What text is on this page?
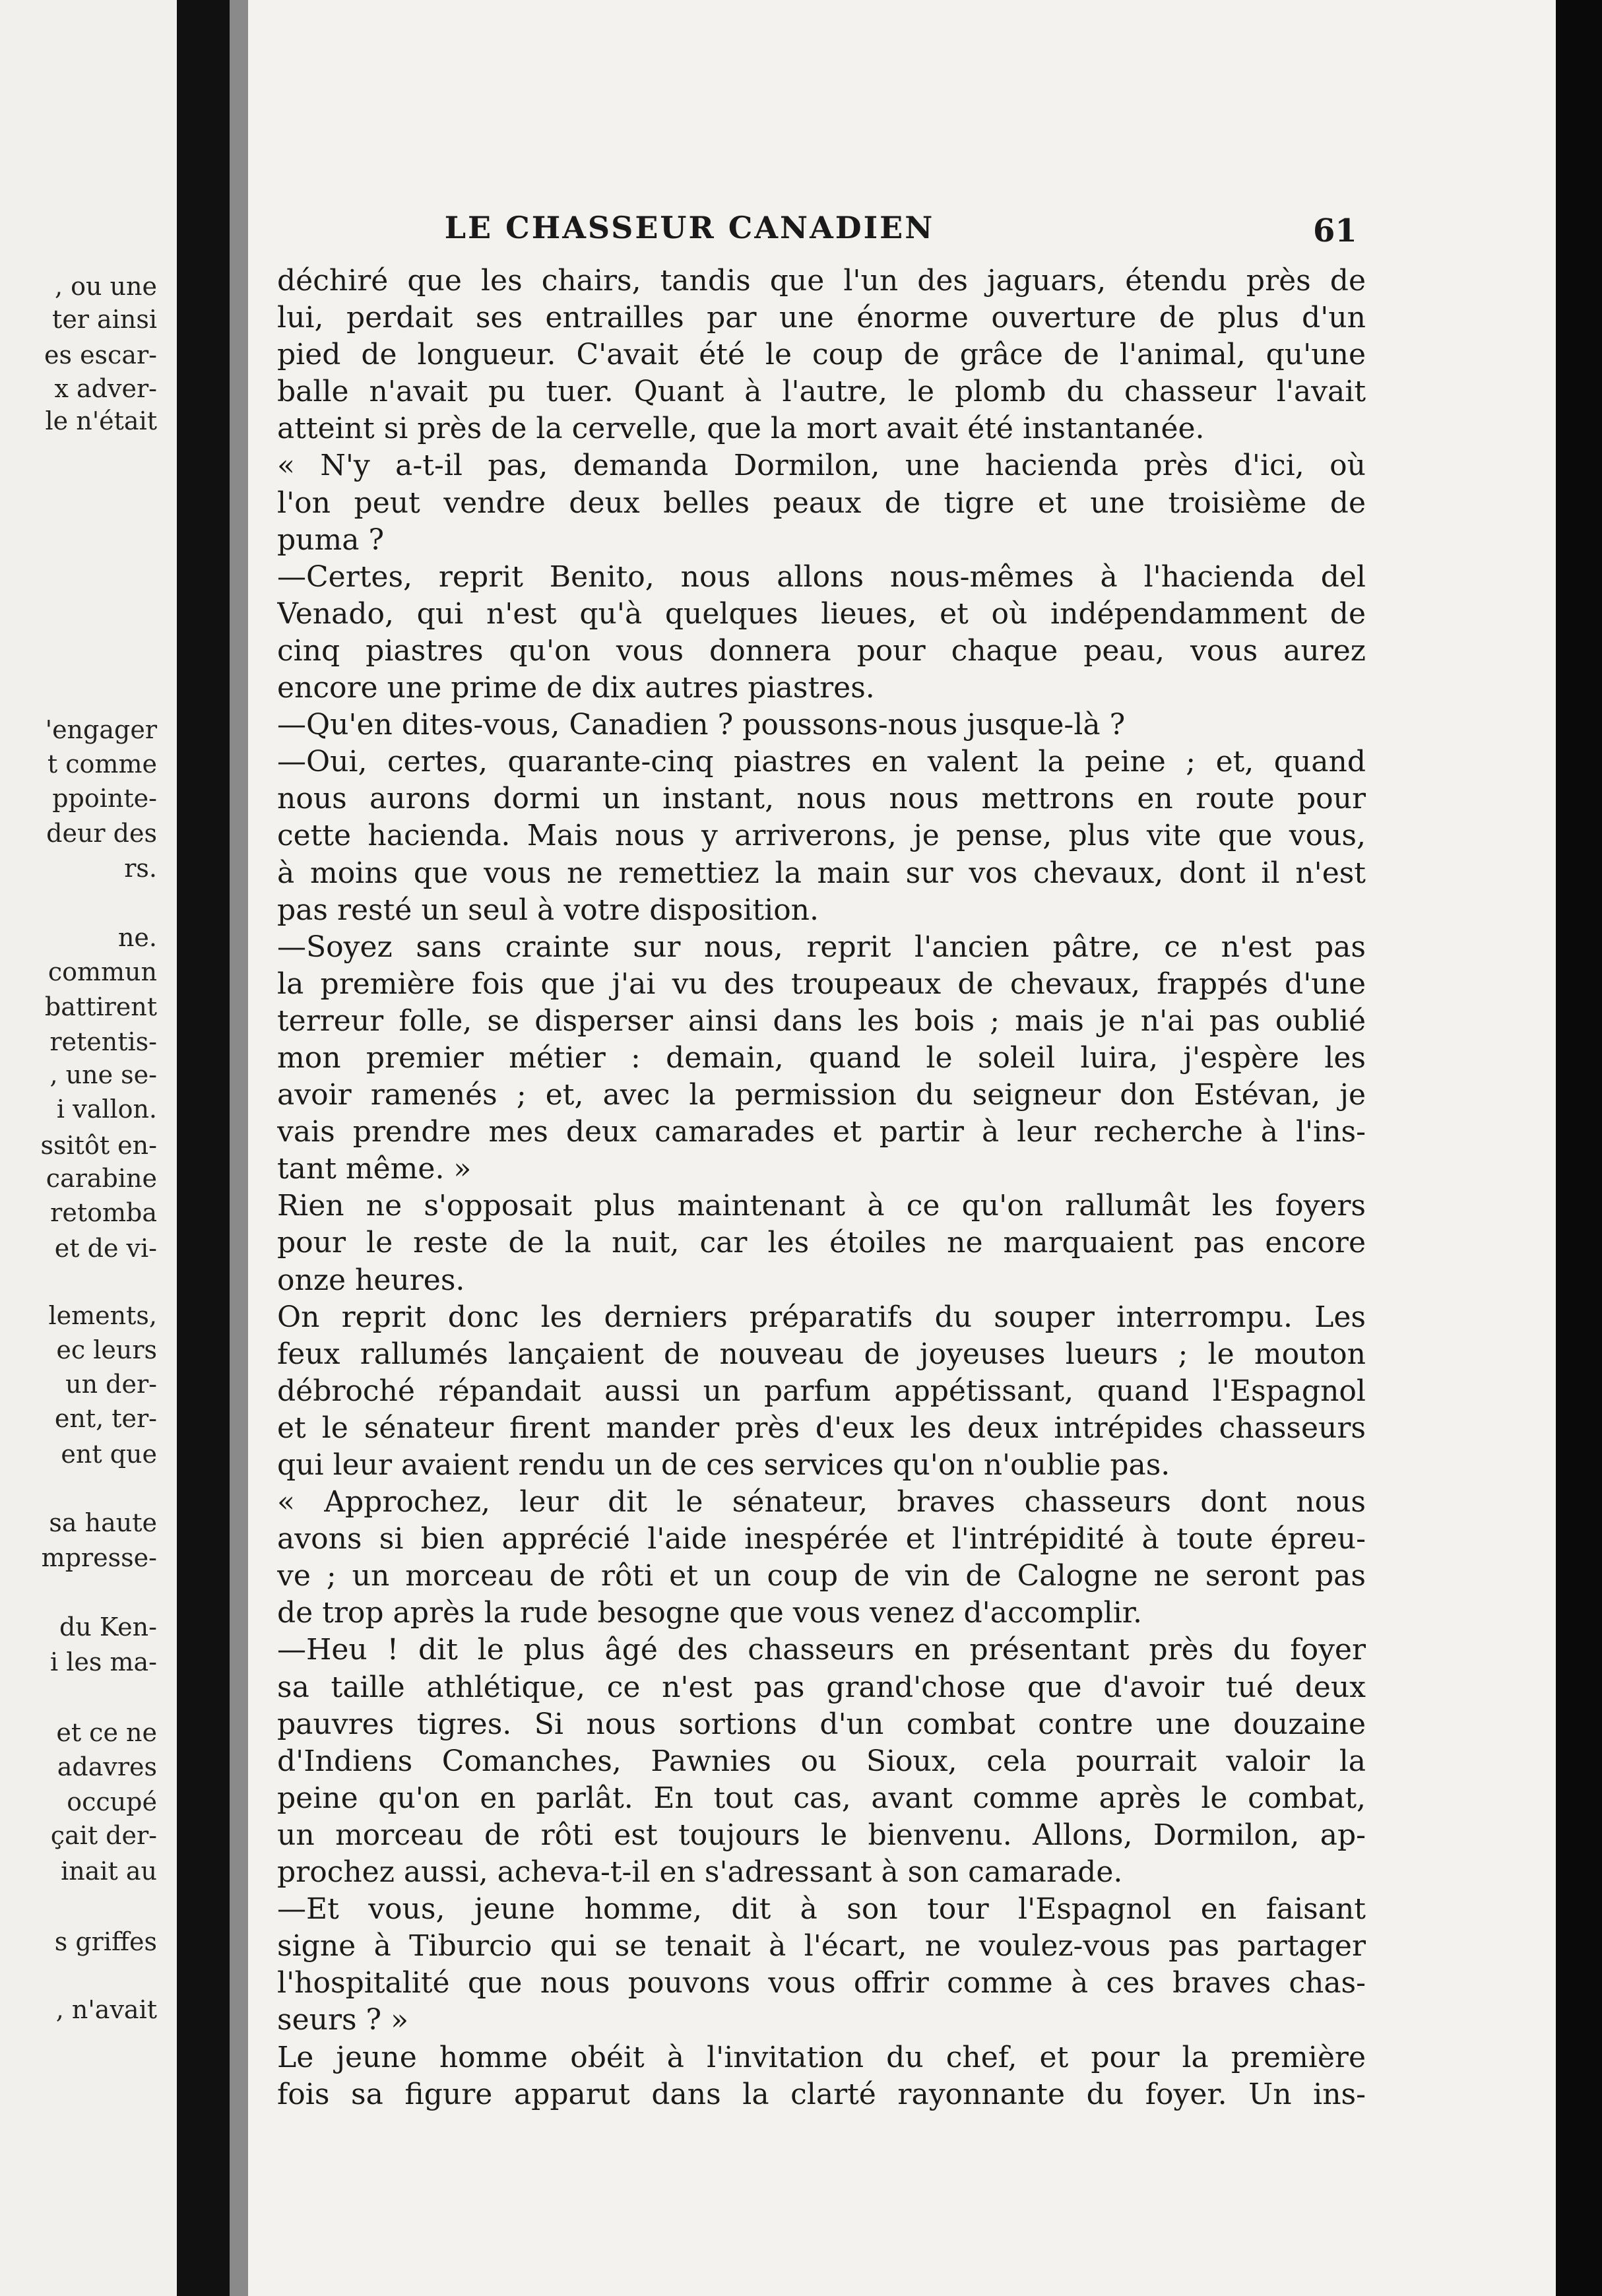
, ou une
ter ainsi
es escar-
x adver-
le n'était
'engager
t comme
ppointe-
deur des
rs.
ne.
commun
battirent
retentis-
, une se-
i vallon.
ssitôt en-
carabine
retomba
et de vi-
lements,
ec leurs
un der-
ent, ter-
ent que
sa haute
mpresse-
du Ken-
i les ma-
et ce ne
adavres
occupé
çait der-
inait au
s griffes
, n'avait
LE CHASSEUR CANADIEN	61
déchiré que les chairs, tandis que l'un des jaguars, étendu près de
lui, perdait ses entrailles par une énorme ouverture de plus d'un
pied de longueur. C'avait été le coup de grâce de l'animal, qu'une
balle n'avait pu tuer. Quant à l'autre, le plomb du chasseur l'avait
atteint si près de la cervelle, que la mort avait été instantanée.
« N'y a-t-il pas, demanda Dormilon, une hacienda près d'ici, où
l'on peut vendre deux belles peaux de tigre et une troisième de
puma ?
—Certes, reprit Benito, nous allons nous-mêmes à l'hacienda del
Venado, qui n'est qu'à quelques lieues, et où indépendamment de
cinq piastres qu'on vous donnera pour chaque peau, vous aurez
encore une prime de dix autres piastres.
—Qu'en dites-vous, Canadien ? poussons-nous jusque-là ?
—Oui, certes, quarante-cinq piastres en valent la peine ; et, quand
nous aurons dormi un instant, nous nous mettrons en route pour
cette hacienda. Mais nous y arriverons, je pense, plus vite que vous,
à moins que vous ne remettiez la main sur vos chevaux, dont il n'est
pas resté un seul à votre disposition.
—Soyez sans crainte sur nous, reprit l'ancien pâtre, ce n'est pas
la première fois que j'ai vu des troupeaux de chevaux, frappés d'une
terreur folle, se disperser ainsi dans les bois ; mais je n'ai pas oublié
mon premier métier : demain, quand le soleil luira, j'espère les
avoir ramenés ; et, avec la permission du seigneur don Estévan, je
vais prendre mes deux camarades et partir à leur recherche à l'ins-
tant même. »
Rien ne s'opposait plus maintenant à ce qu'on rallumât les foyers
pour le reste de la nuit, car les étoiles ne marquaient pas encore
onze heures.
On reprit donc les derniers préparatifs du souper interrompu. Les
feux rallumés lançaient de nouveau de joyeuses lueurs ; le mouton
débroché répandait aussi un parfum appétissant, quand l'Espagnol
et le sénateur firent mander près d'eux les deux intrépides chasseurs
qui leur avaient rendu un de ces services qu'on n'oublie pas.
« Approchez, leur dit le sénateur, braves chasseurs dont nous
avons si bien apprécié l'aide inespérée et l'intrépidité à toute épreu-
ve ; un morceau de rôti et un coup de vin de Calogne ne seront pas
de trop après la rude besogne que vous venez d'accomplir.
—Heu ! dit le plus âgé des chasseurs en présentant près du foyer
sa taille athlétique, ce n'est pas grand'chose que d'avoir tué deux
pauvres tigres. Si nous sortions d'un combat contre une douzaine
d'Indiens Comanches, Pawnies ou Sioux, cela pourrait valoir la
peine qu'on en parlât. En tout cas, avant comme après le combat,
un morceau de rôti est toujours le bienvenu. Allons, Dormilon, ap-
prochez aussi, acheva-t-il en s'adressant à son camarade.
—Et vous, jeune homme, dit à son tour l'Espagnol en faisant
signe à Tiburcio qui se tenait à l'écart, ne voulez-vous pas partager
l'hospitalité que nous pouvons vous offrir comme à ces braves chas-
seurs ? »
Le jeune homme obéit à l'invitation du chef, et pour la première
fois sa figure apparut dans la clarté rayonnante du foyer. Un ins-
